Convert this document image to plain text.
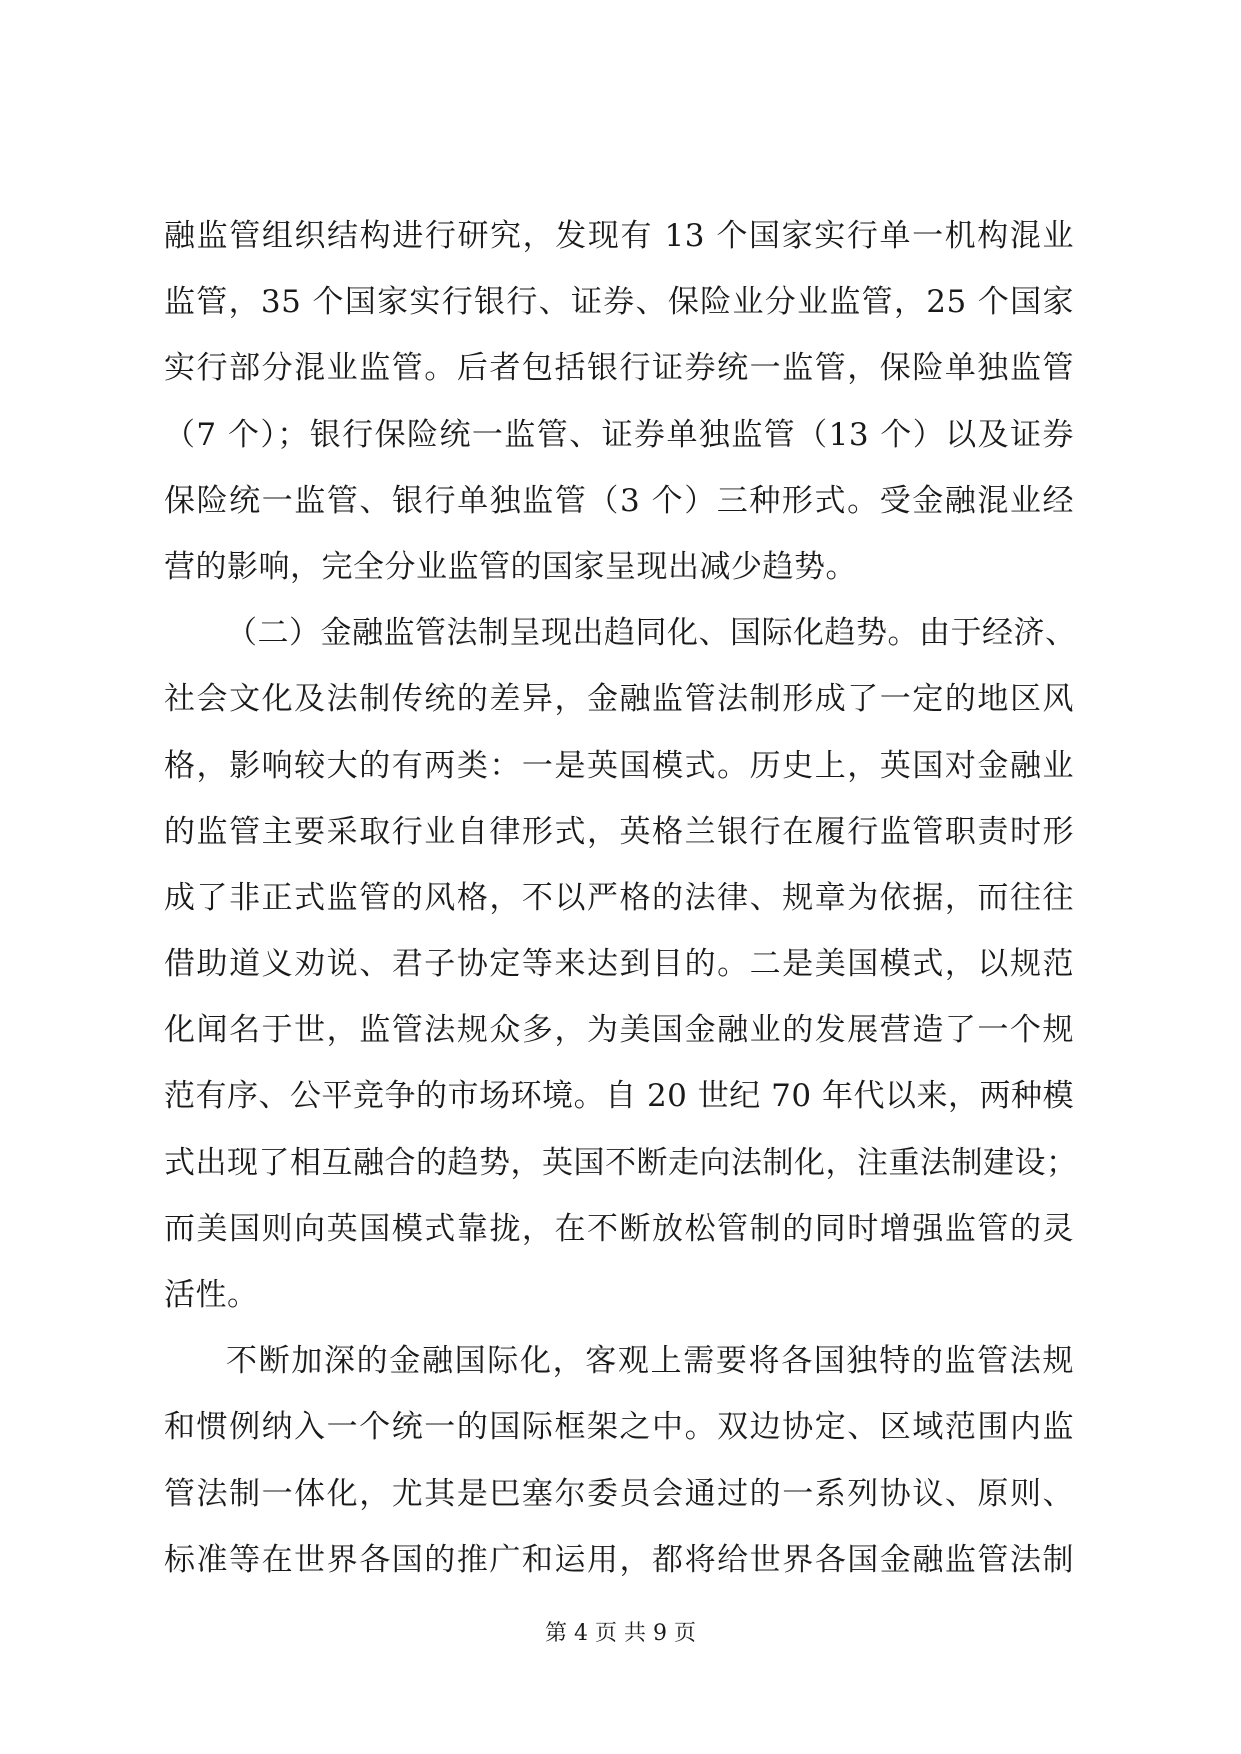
融监管组织结构进行研究，发现有 13 个国家实行单一机构混业
监管，35 个国家实行银行、证券、保险业分业监管，25 个国家
实行部分混业监管。后者包括银行证券统一监管，保险单独监管
（7 个）；银行保险统一监管、证券单独监管（13 个）以及证券
保险统一监管、银行单独监管（3 个）三种形式。受金融混业经
营的影响，完全分业监管的国家呈现出减少趋势。
（二）金融监管法制呈现出趋同化、国际化趋势。由于经济、
社会文化及法制传统的差异，金融监管法制形成了一定的地区风
格，影响较大的有两类：一是英国模式。历史上，英国对金融业
的监管主要采取行业自律形式，英格兰银行在履行监管职责时形
成了非正式监管的风格，不以严格的法律、规章为依据，而往往
借助道义劝说、君子协定等来达到目的。二是美国模式，以规范
化闻名于世，监管法规众多，为美国金融业的发展营造了一个规
范有序、公平竞争的市场环境。自 20 世纪 70 年代以来，两种模
式出现了相互融合的趋势，英国不断走向法制化，注重法制建设；
而美国则向英国模式靠拢，在不断放松管制的同时增强监管的灵
活性。
不断加深的金融国际化，客观上需要将各国独特的监管法规
和惯例纳入一个统一的国际框架之中。双边协定、区域范围内监
管法制一体化，尤其是巴塞尔委员会通过的一系列协议、原则、
标准等在世界各国的推广和运用，都将给世界各国金融监管法制
第 4 页 共 9 页
